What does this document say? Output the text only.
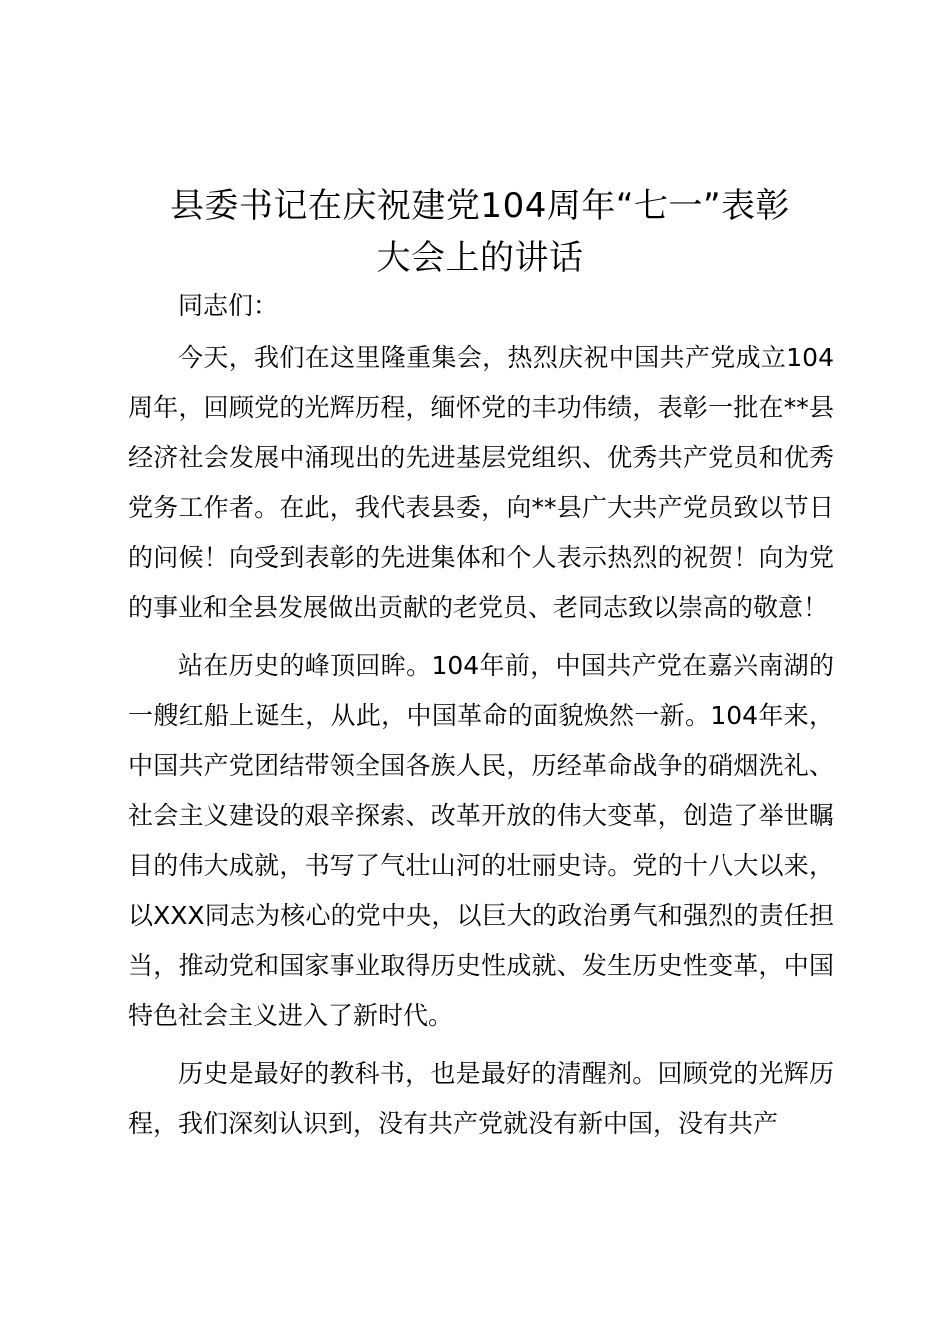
县委书记在庆祝建党104周年“七一”表彰
大会上的讲话

同志们：

今天，我们在这里隆重集会，热烈庆祝中国共产党成立104周年，回顾党的光辉历程，缅怀党的丰功伟绩，表彰一批在**县经济社会发展中涌现出的先进基层党组织、优秀共产党员和优秀党务工作者。在此，我代表县委，向**县广大共产党员致以节日的问候！向受到表彰的先进集体和个人表示热烈的祝贺！向为党的事业和全县发展做出贡献的老党员、老同志致以崇高的敬意！

站在历史的峰顶回眸。104年前，中国共产党在嘉兴南湖的一艘红船上诞生，从此，中国革命的面貌焕然一新。104年来，中国共产党团结带领全国各族人民，历经革命战争的硝烟洗礼、社会主义建设的艰辛探索、改革开放的伟大变革，创造了举世瞩目的伟大成就，书写了气壮山河的壮丽史诗。党的十八大以来，以XXX同志为核心的党中央，以巨大的政治勇气和强烈的责任担当，推动党和国家事业取得历史性成就、发生历史性变革，中国特色社会主义进入了新时代。

历史是最好的教科书，也是最好的清醒剂。回顾党的光辉历程，我们深刻认识到，没有共产党就没有新中国，没有共产
